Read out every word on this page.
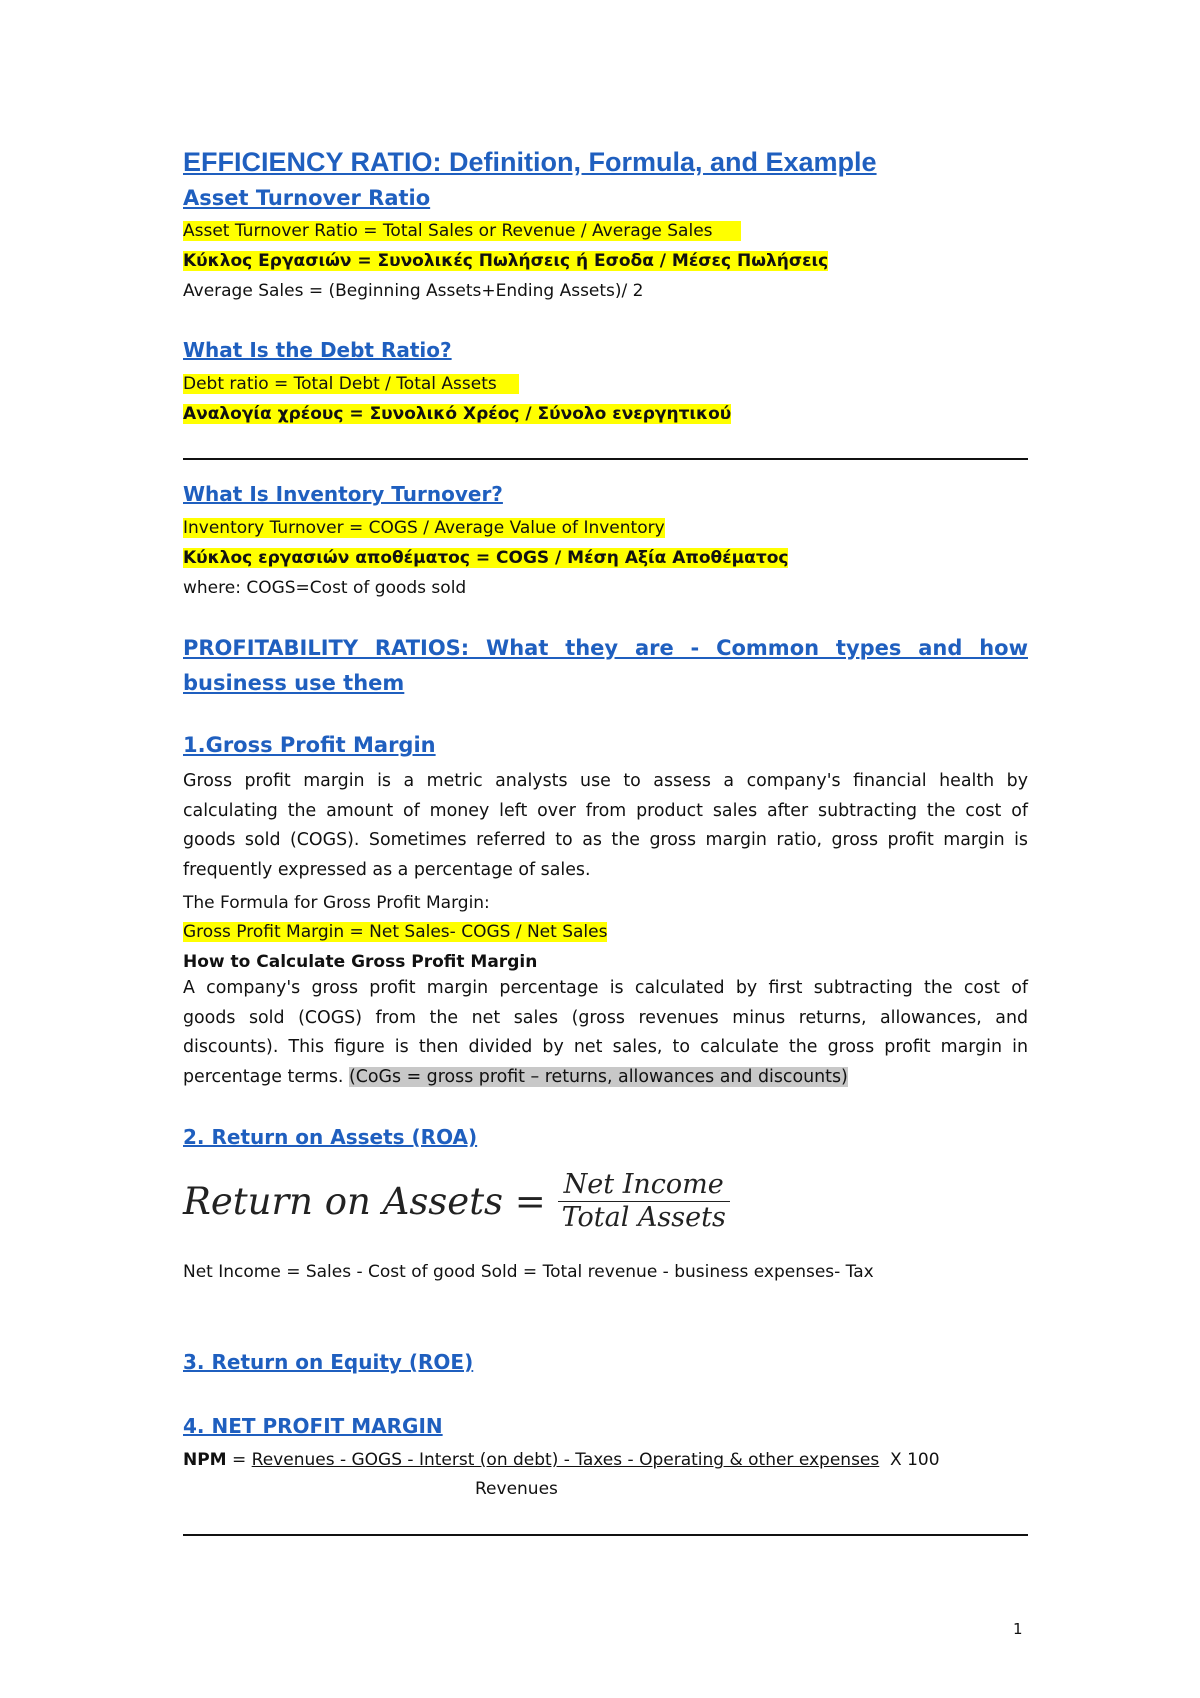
EFFICIENCY RATIO: Definition, Formula, and Example
Asset Turnover Ratio
Asset Turnover Ratio = Total Sales or Revenue / Average Sales
Κύκλος Εργασιών = Συνολικές Πωλήσεις ή Εσοδα / Μέσες Πωλήσεις
Average Sales = (Beginning Assets+Ending Assets)/ 2
What Is the Debt Ratio?
Debt ratio = Total Debt / Total Assets
Αναλογία χρέους = Συνολικό Χρέος / Σύνολο ενεργητικού
What Is Inventory Turnover?
Inventory Turnover = COGS / Average Value of Inventory
Κύκλος εργασιών αποθέματος = COGS / Μέση Αξία Αποθέματος
where: COGS=Cost of goods sold
PROFITABILITY RATIOS: What they are - Common types and how
business use them
1.Gross Profit Margin
Gross profit margin is a metric analysts use to assess a company's financial health by
calculating the amount of money left over from product sales after subtracting the cost of
goods sold (COGS). Sometimes referred to as the gross margin ratio, gross profit margin is
frequently expressed as a percentage of sales.
The Formula for Gross Profit Margin:
Gross Profit Margin = Net Sales- COGS / Net Sales
How to Calculate Gross Profit Margin
A company's gross profit margin percentage is calculated by first subtracting the cost of
goods sold (COGS) from the net sales (gross revenues minus returns, allowances, and
discounts). This figure is then divided by net sales, to calculate the gross profit margin in
percentage terms. (CoGs = gross profit – returns, allowances and discounts)
2. Return on Assets (ROA)
Return on Assets = $\frac{\text{Net Income}}{\text{Total Assets}}$
Net Income = Sales - Cost of good Sold = Total revenue - business expenses- Tax
3. Return on Equity (ROE)
4. NET PROFIT MARGIN
NPM = Revenues - GOGS - Interst (on debt) - Taxes - Operating & other expenses  X 100
Revenues
1
